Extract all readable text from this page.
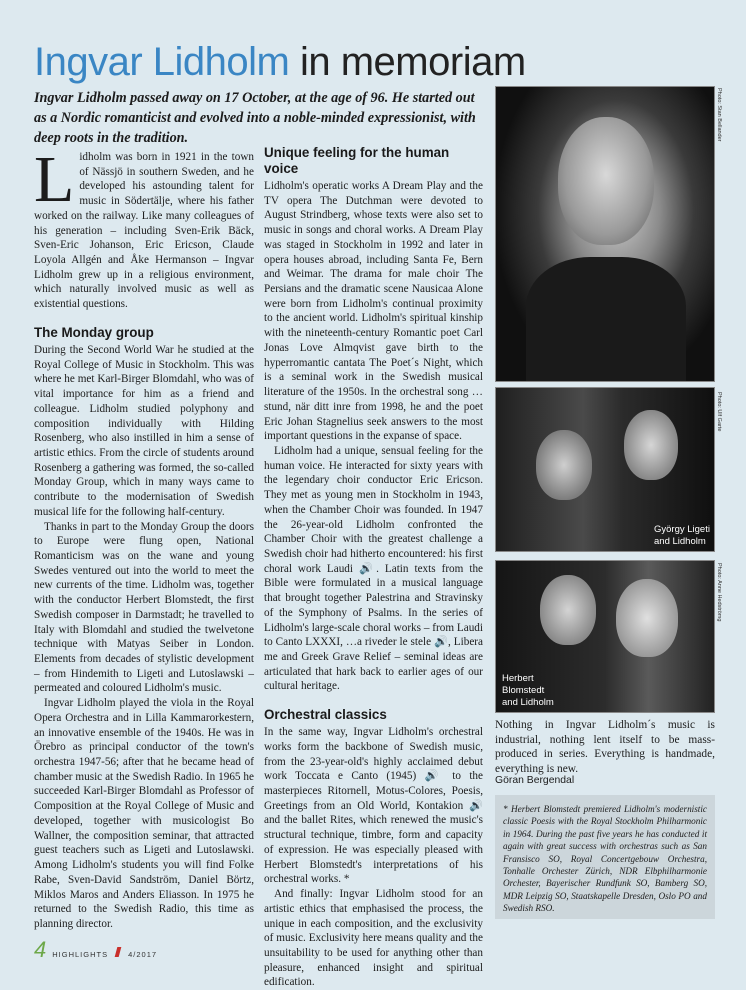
Ingvar Lidholm in memoriam
Ingvar Lidholm passed away on 17 October, at the age of 96. He started out as a Nordic romanticist and evolved into a noble-minded expressionist, with deep roots in the tradition.

Lidholm was born in 1921 in the town of Nässjö in southern Sweden, and he developed his astounding talent for music in Södertälje, where his father worked on the railway. Like many colleagues of his generation – including Sven-Erik Bäck, Sven-Eric Johanson, Eric Ericson, Claude Loyola Allgén and Åke Hermanson – Ingvar Lidholm grew up in a religious environment, which naturally involved music as well as existential questions.

The Monday group

During the Second World War he studied at the Royal College of Music in Stockholm. This was where he met Karl-Birger Blomdahl, who was of vital importance for him as a friend and colleague. Lidholm studied polyphony and composition individually with Hilding Rosenberg, who also instilled in him a sense of artistic ethics. From the circle of students around Rosenberg a gathering was formed, the so-called Monday Group, which in many ways came to contribute to the modernisation of Swedish musical life for the following half-century.

Thanks in part to the Monday Group the doors to Europe were flung open, National Romanticism was on the wane and young Swedes ventured out into the world to meet the new currents of the time. Lidholm was, together with the conductor Herbert Blomstedt, the first Swedish composer in Darmstadt; he travelled to Italy with Blomdahl and studied the twelvetone technique with Matyas Seiber in London. Elements from decades of stylistic development – from Hindemith to Ligeti and Lutoslawski – permeated and coloured Lidholm's music.

Ingvar Lidholm played the viola in the Royal Opera Orchestra and in Lilla Kammarorkestern, an innovative ensemble of the 1940s. He was in Örebro as principal conductor of the town's orchestra 1947-56; after that he became head of chamber music at the Swedish Radio. In 1965 he succeeded Karl-Birger Blomdahl as Professor of Composition at the Royal College of Music and developed, together with musicologist Bo Wallner, the composition seminar, that attracted guest teachers such as Ligeti and Lutoslawski. Among Lidholm's students you will find Folke Rabe, Sven-David Sandström, Daniel Börtz, Miklos Maros and Anders Eliasson. In 1975 he returned to the Swedish Radio, this time as planning director.

Unique feeling for the human voice

Lidholm's operatic works A Dream Play and the TV opera The Dutchman were devoted to August Strindberg, whose texts were also set to music in songs and choral works. A Dream Play was staged in Stockholm in 1992 and later in opera houses abroad, including Santa Fe, Bern and Weimar. The drama for male choir The Persians and the dramatic scene Nausicaa Alone were born from Lidholm's continual proximity to the ancient world. Lidholm's spiritual kinship with the nineteenth-century Romantic poet Carl Jonas Love Almqvist gave birth to the hyperromantic cantata The Poet´s Night, which is a seminal work in the Swedish musical literature of the 1950s. In the orchestral song …stund, när ditt inre from 1998, he and the poet Eric Johan Stagnelius seek answers to the most important questions in the expanse of space.

Lidholm had a unique, sensual feeling for the human voice. He interacted for sixty years with the legendary choir conductor Eric Ericson. They met as young men in Stockholm in 1943, when the Chamber Choir was founded. In 1947 the 26-year-old Lidholm confronted the Chamber Choir with the greatest challenge a Swedish choir had hitherto encountered: his first choral work Laudi 🔊. Latin texts from the Bible were formulated in a musical language that brought together Palestrina and Stravinsky of the Symphony of Psalms. In the series of Lidholm's large-scale choral works – from Laudi to Canto LXXXI, …a riveder le stele 🔊, Libera me and Greek Grave Relief – seminal ideas are articulated that hark back to earlier ages of our cultural heritage.

Orchestral classics

In the same way, Ingvar Lidholm's orchestral works form the backbone of Swedish music, from the 23-year-old's highly acclaimed debut work Toccata e Canto (1945) 🔊 to the masterpieces Ritornell, Motus-Colores, Poesis, Greetings from an Old World, Kontakion 🔊 and the ballet Rites, which renewed the music's structural technique, timbre, form and capacity of expression. He was especially pleased with Herbert Blomstedt's interpretations of his orchestral works. *

And finally: Ingvar Lidholm stood for an artistic ethics that emphasised the process, the unique in each composition, and the exclusivity of music. Exclusivity here means quality and the unsuitability to be used for anything other than pleasure, enhanced insight and spiritual edification.

Photo: Stan Bellander
György Ligeti
and Lidholm
Photo: Ulf Garte
Herbert
Blomstedt
and Lidholm
Photo: Anne Hedströmg
Nothing in Ingvar Lidholm´s music is industrial, nothing lent itself to be mass-produced in series. Everything is handmade, everything is new.
Göran Bergendal

* Herbert Blomstedt premiered Lidholm's modernistic classic Poesis with the Royal Stockholm Philharmonic in 1964. During the past five years he has conducted it again with great success with orchestras such as San Fransisco SO, Royal Concertgebouw Orchestra, Tonhalle Orchester Zürich, NDR Elbphilharmonie Orchester, Bayerischer Rundfunk SO, Bamberg SO, MDR Leipzig SO, Staatskapelle Dresden, Oslo PO and Swedish RSO.

4 HIGHLIGHTS	4/2017
